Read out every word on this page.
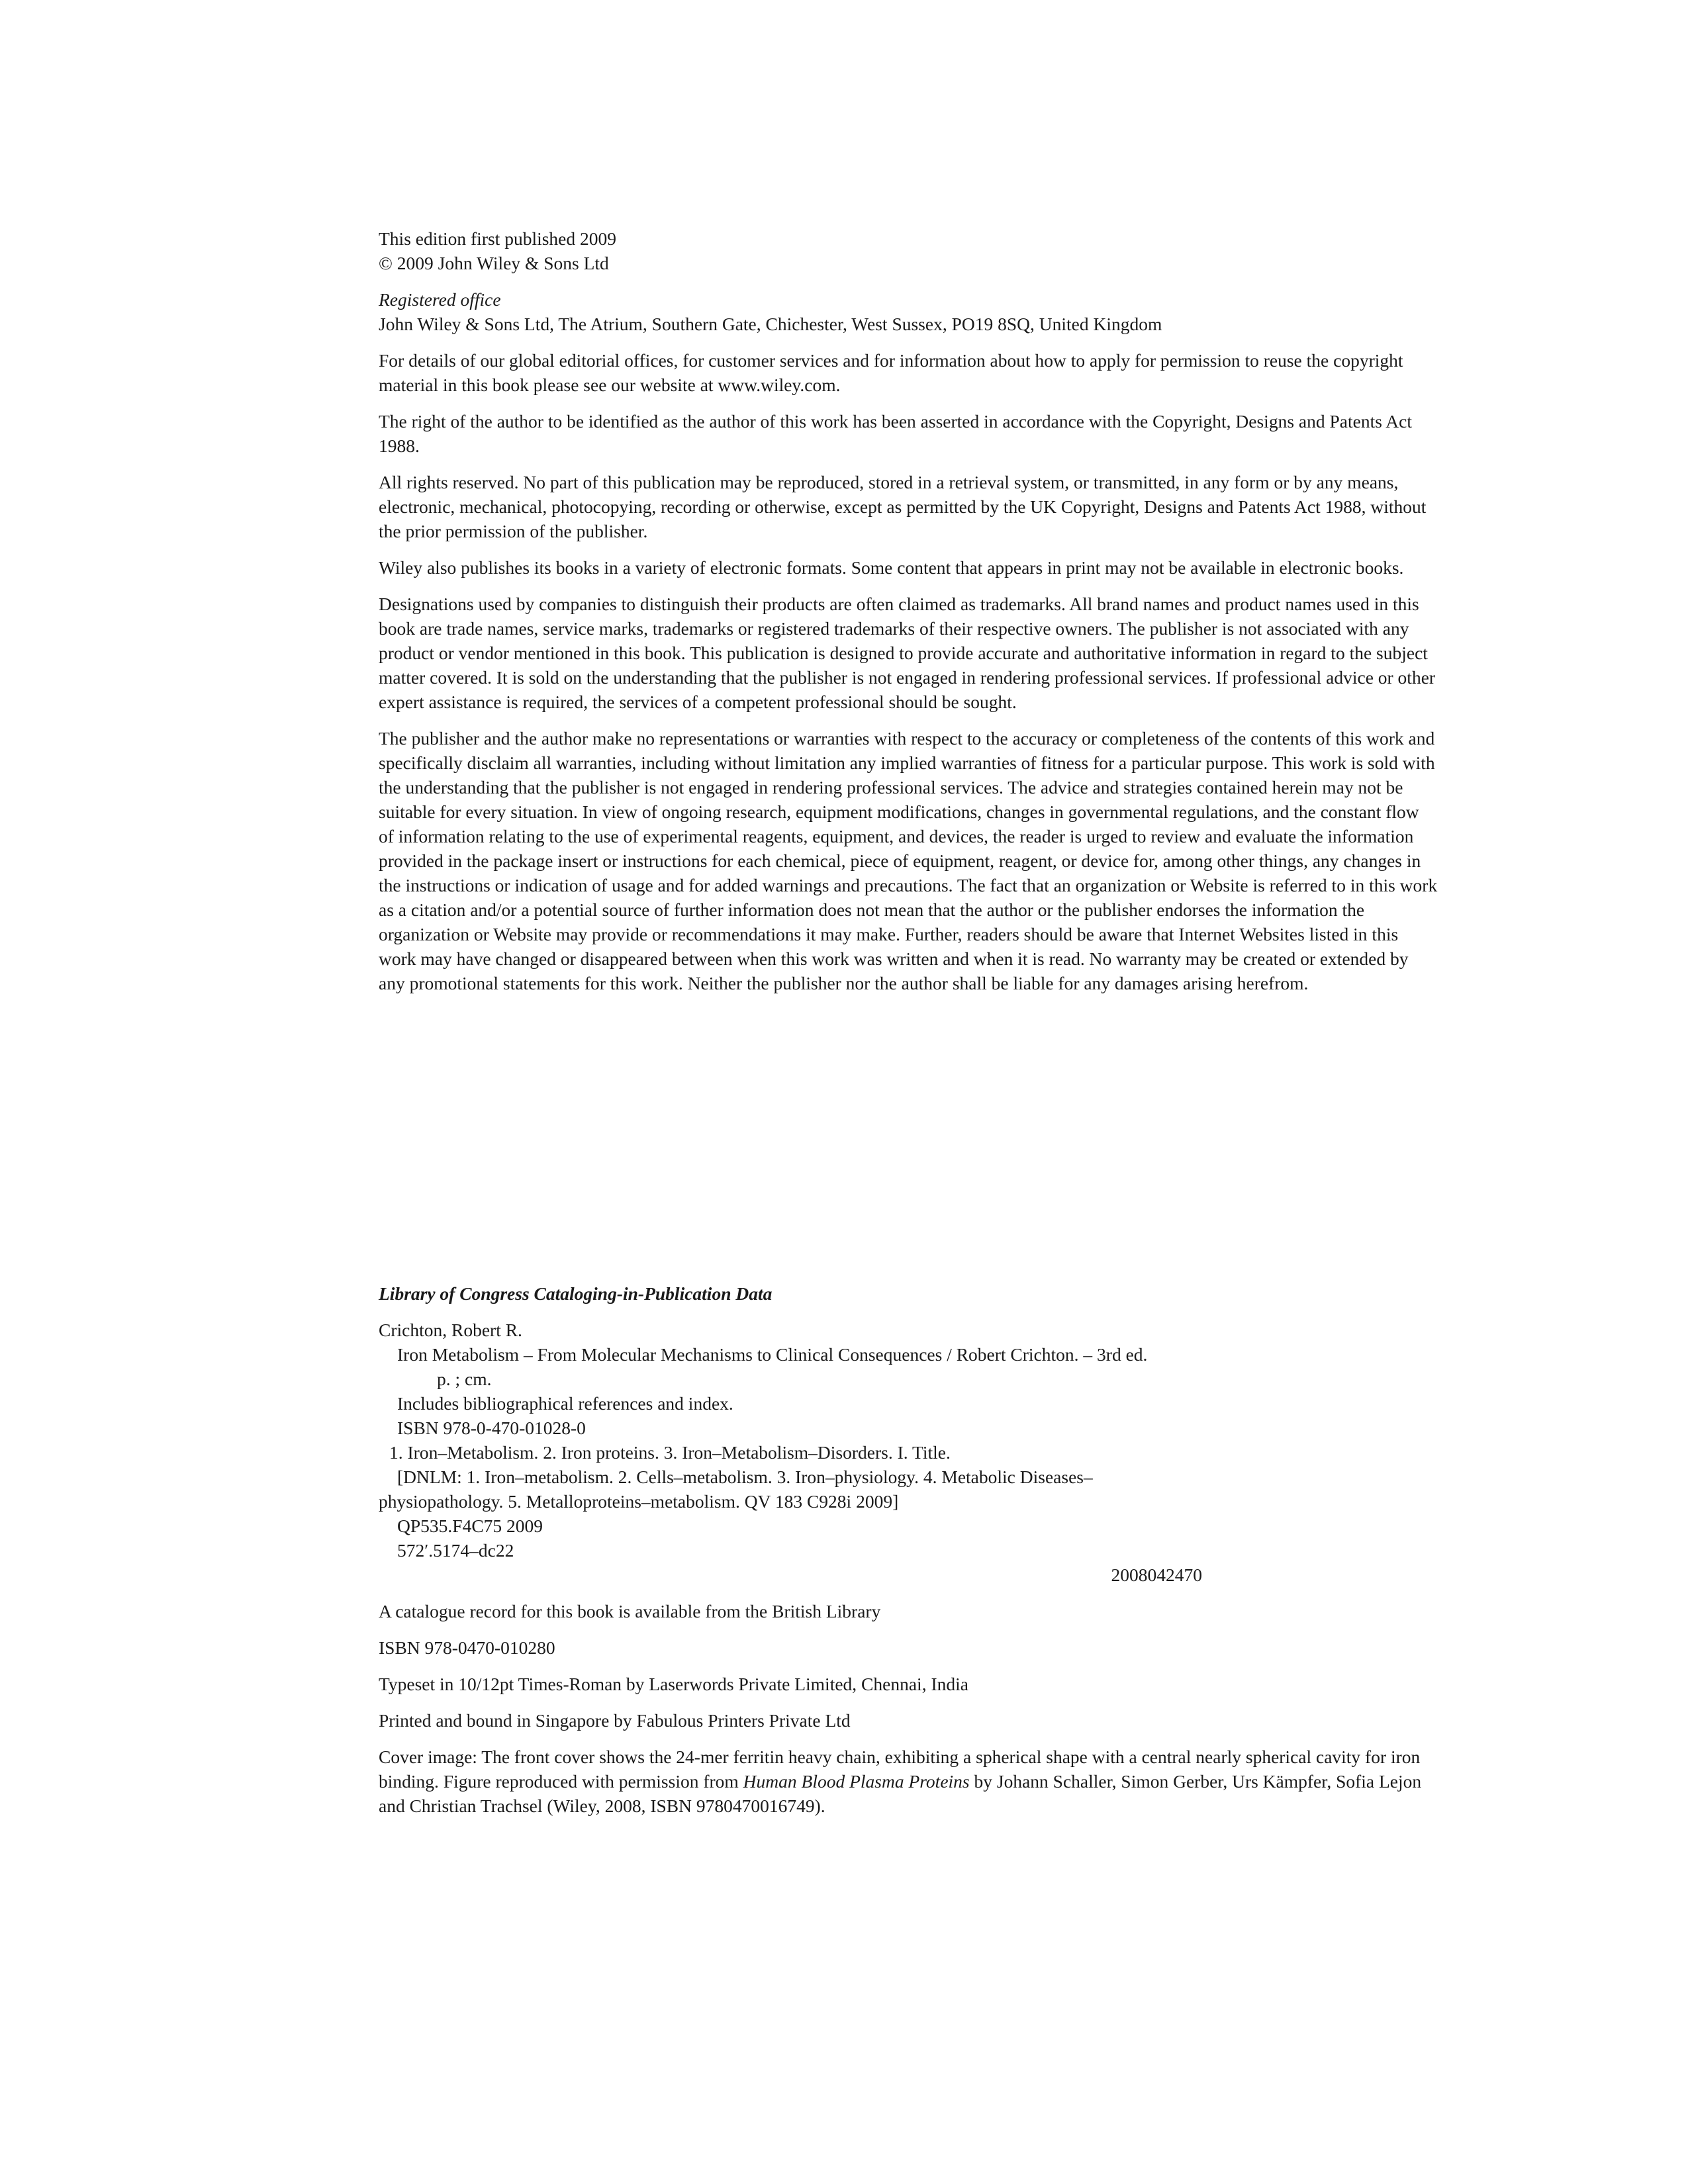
This edition first published 2009
© 2009 John Wiley & Sons Ltd

Registered office
John Wiley & Sons Ltd, The Atrium, Southern Gate, Chichester, West Sussex, PO19 8SQ, United Kingdom

For details of our global editorial offices, for customer services and for information about how to apply for permission to reuse the copyright material in this book please see our website at www.wiley.com.

The right of the author to be identified as the author of this work has been asserted in accordance with the Copyright, Designs and Patents Act 1988.

All rights reserved. No part of this publication may be reproduced, stored in a retrieval system, or transmitted, in any form or by any means, electronic, mechanical, photocopying, recording or otherwise, except as permitted by the UK Copyright, Designs and Patents Act 1988, without the prior permission of the publisher.

Wiley also publishes its books in a variety of electronic formats. Some content that appears in print may not be available in electronic books.

Designations used by companies to distinguish their products are often claimed as trademarks. All brand names and product names used in this book are trade names, service marks, trademarks or registered trademarks of their respective owners. The publisher is not associated with any product or vendor mentioned in this book. This publication is designed to provide accurate and authoritative information in regard to the subject matter covered. It is sold on the understanding that the publisher is not engaged in rendering professional services. If professional advice or other expert assistance is required, the services of a competent professional should be sought.

The publisher and the author make no representations or warranties with respect to the accuracy or completeness of the contents of this work and specifically disclaim all warranties, including without limitation any implied warranties of fitness for a particular purpose. This work is sold with the understanding that the publisher is not engaged in rendering professional services. The advice and strategies contained herein may not be suitable for every situation. In view of ongoing research, equipment modifications, changes in governmental regulations, and the constant flow of information relating to the use of experimental reagents, equipment, and devices, the reader is urged to review and evaluate the information provided in the package insert or instructions for each chemical, piece of equipment, reagent, or device for, among other things, any changes in the instructions or indication of usage and for added warnings and precautions. The fact that an organization or Website is referred to in this work as a citation and/or a potential source of further information does not mean that the author or the publisher endorses the information the organization or Website may provide or recommendations it may make. Further, readers should be aware that Internet Websites listed in this work may have changed or disappeared between when this work was written and when it is read. No warranty may be created or extended by any promotional statements for this work. Neither the publisher nor the author shall be liable for any damages arising herefrom.

Library of Congress Cataloging-in-Publication Data

Crichton, Robert R.
Iron Metabolism – From Molecular Mechanisms to Clinical Consequences / Robert Crichton. – 3rd ed.
p. ; cm.
Includes bibliographical references and index.
ISBN 978-0-470-01028-0
1. Iron–Metabolism. 2. Iron proteins. 3. Iron–Metabolism–Disorders. I. Title.
[DNLM: 1. Iron–metabolism. 2. Cells–metabolism. 3. Iron–physiology. 4. Metabolic Diseases–
physiopathology. 5. Metalloproteins–metabolism. QV 183 C928i 2009]
QP535.F4C75 2009
572′.5174–dc22
2008042470

A catalogue record for this book is available from the British Library

ISBN 978-0470-010280

Typeset in 10/12pt Times-Roman by Laserwords Private Limited, Chennai, India

Printed and bound in Singapore by Fabulous Printers Private Ltd

Cover image: The front cover shows the 24-mer ferritin heavy chain, exhibiting a spherical shape with a central nearly spherical cavity for iron binding. Figure reproduced with permission from Human Blood Plasma Proteins by Johann Schaller, Simon Gerber, Urs Kämpfer, Sofia Lejon and Christian Trachsel (Wiley, 2008, ISBN 9780470016749).
